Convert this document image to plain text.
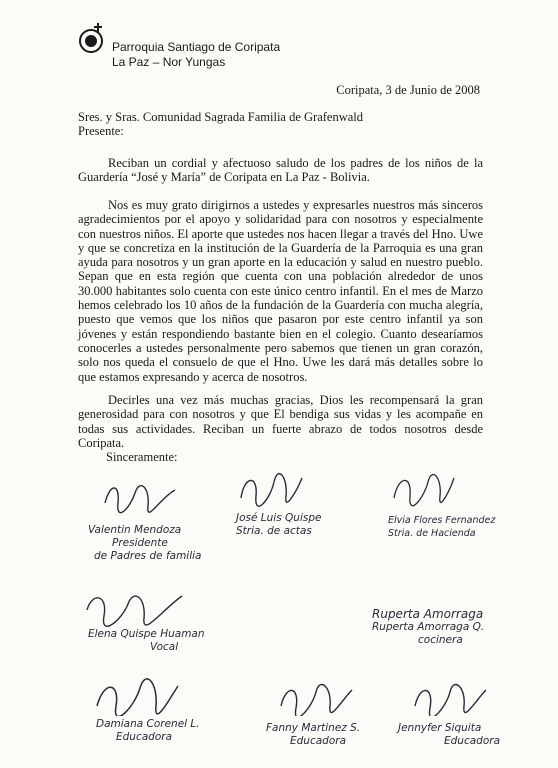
Parroquia Santiago de Coripata
La Paz – Nor Yungas
Coripata, 3 de Junio de 2008
Sres. y Sras. Comunidad Sagrada Familia de Grafenwald
Presente:

Reciban un cordial y afectuoso saludo de los padres de los niños de la Guardería “José y María” de Coripata en La Paz - Bolivia.

Nos es muy grato dirigirnos a ustedes y expresarles nuestros más sinceros agradecimientos por el apoyo y solidaridad para con nosotros y especialmente con nuestros niños. El aporte que ustedes nos hacen llegar a través del Hno. Uwe y que se concretiza en la institución de la Guardería de la Parroquia es una gran ayuda para nosotros y un gran aporte en la educación y salud en nuestro pueblo. Sepan que en esta región que cuenta con una población alrededor de unos 30.000 habitantes solo cuenta con este único centro infantil. En el mes de Marzo hemos celebrado los 10 años de la fundación de la Guardería con mucha alegría, puesto que vemos que los niños que pasaron por este centro infantil ya son jóvenes y están respondiendo bastante bien en el colegio. Cuanto desearíamos conocerles a ustedes personalmente pero sabemos que tienen un gran corazón, solo nos queda el consuelo de que el Hno. Uwe les dará más detalles sobre lo que estamos expresando y acerca de nosotros.

Decirles una vez más muchas gracias, Dios les recompensará la gran generosidad para con nosotros y que El bendiga sus vidas y les acompañe en todas sus actividades. Reciban un fuerte abrazo de todos nosotros desde Coripata.

Sinceramente:
Valentin Mendoza
Presidente
de Padres de familia
José Luis Quispe
Stria. de actas
Elvia Flores Fernandez
Stria. de Hacienda
Elena Quispe Huaman
Vocal
Ruperta Amorraga
Ruperta Amorraga Q.
cocinera
Damiana Corenel L.
Educadora
Fanny Martinez S.
Educadora
Jennyfer Siquita
Educadora
